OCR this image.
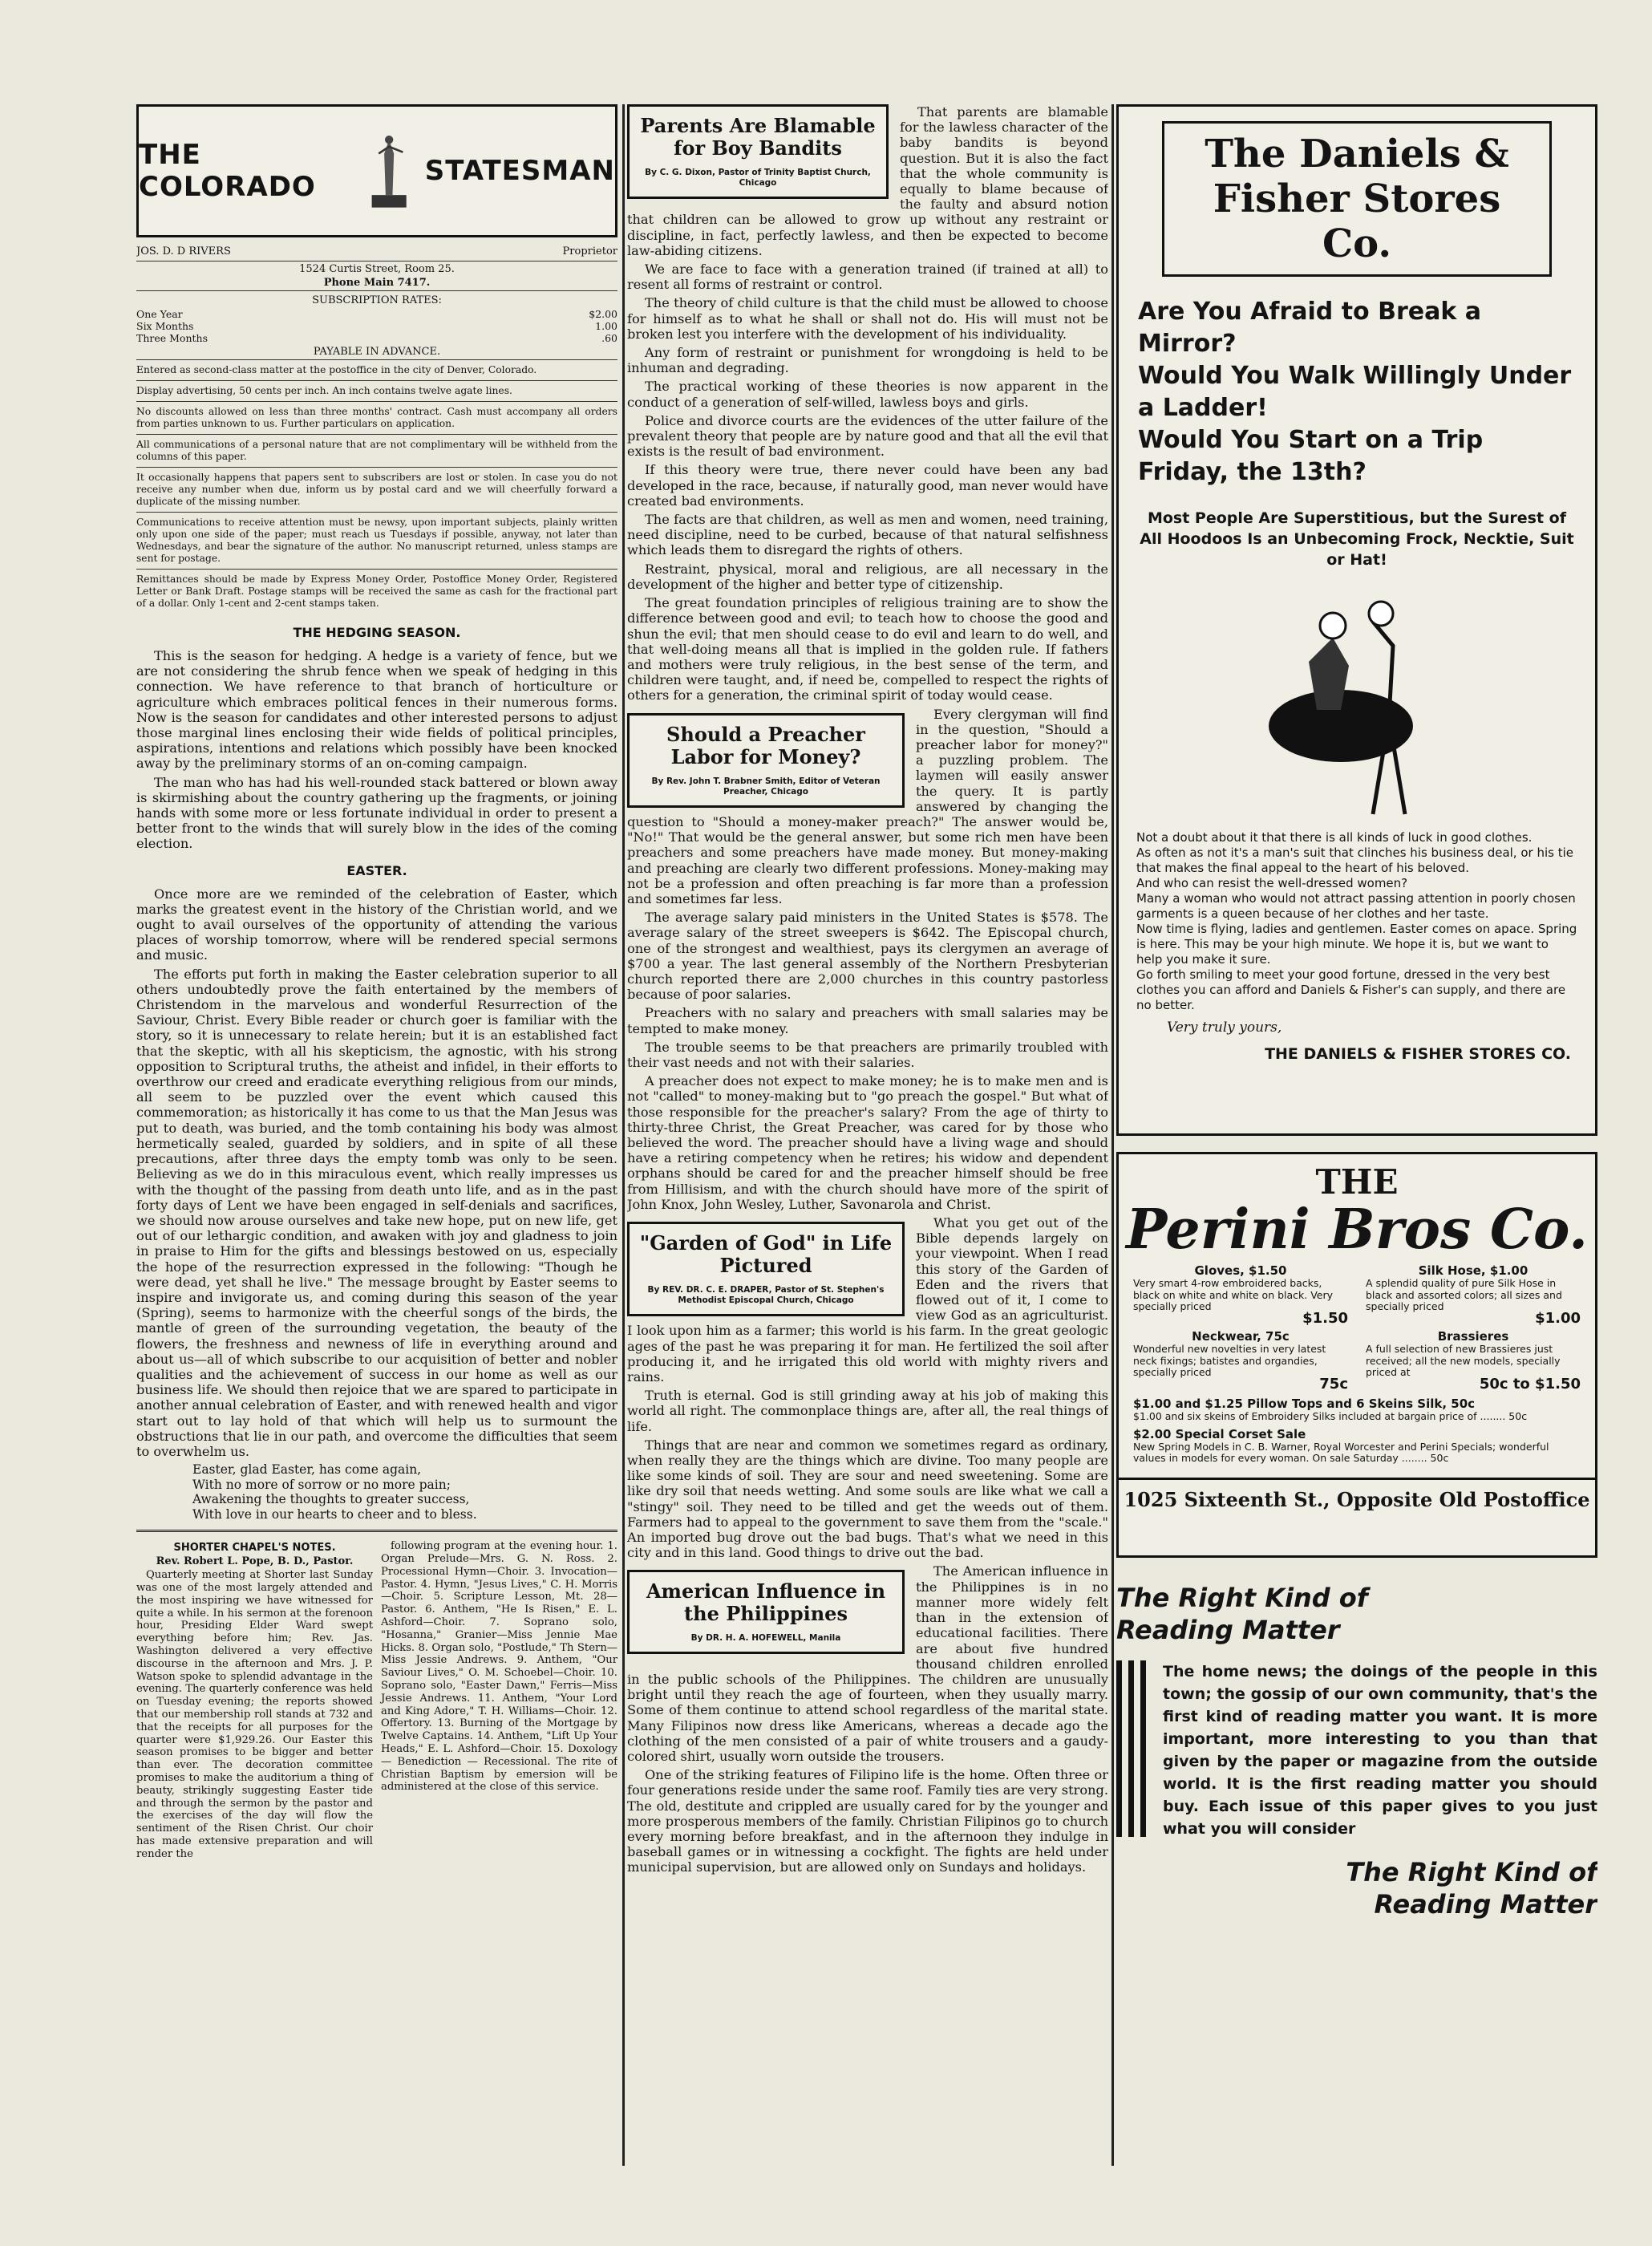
THE COLORADO	STATESMAN
JOS. D. D RIVERS	Proprietor
1524 Curtis Street, Room 25.
Phone Main 7417.
SUBSCRIPTION RATES:
One Year	$2.00
Six Months	1.00
Three Months	.60
PAYABLE IN ADVANCE.
Entered as second-class matter at the postoffice in the city of Denver, Colorado.
Display advertising, 50 cents per inch. An inch contains twelve agate lines.
No discounts allowed on less than three months' contract. Cash must accompany all orders from parties unknown to us. Further particulars on application.
All communications of a personal nature that are not complimentary will be withheld from the columns of this paper.
It occasionally happens that papers sent to subscribers are lost or stolen. In case you do not receive any number when due, inform us by postal card and we will cheerfully forward a duplicate of the missing number.
Communications to receive attention must be newsy, upon important subjects, plainly written only upon one side of the paper; must reach us Tuesdays if possible, anyway, not later than Wednesdays, and bear the signature of the author. No manuscript returned, unless stamps are sent for postage.
Remittances should be made by Express Money Order, Postoffice Money Order, Registered Letter or Bank Draft. Postage stamps will be received the same as cash for the fractional part of a dollar. Only 1-cent and 2-cent stamps taken.
THE HEDGING SEASON.

This is the season for hedging. A hedge is a variety of fence, but we are not considering the shrub fence when we speak of hedging in this connection. We have reference to that branch of horticulture or agriculture which embraces political fences in their numerous forms. Now is the season for candidates and other interested persons to adjust those marginal lines enclosing their wide fields of political principles, aspirations, intentions and relations which possibly have been knocked away by the preliminary storms of an on-coming campaign.

The man who has had his well-rounded stack battered or blown away is skirmishing about the country gathering up the fragments, or joining hands with some more or less fortunate individual in order to present a better front to the winds that will surely blow in the ides of the coming election.

EASTER.

Once more are we reminded of the celebration of Easter, which marks the greatest event in the history of the Christian world, and we ought to avail ourselves of the opportunity of attending the various places of worship tomorrow, where will be rendered special sermons and music.

The efforts put forth in making the Easter celebration superior to all others undoubtedly prove the faith entertained by the members of Christendom in the marvelous and wonderful Resurrection of the Saviour, Christ. Every Bible reader or church goer is familiar with the story, so it is unnecessary to relate herein; but it is an established fact that the skeptic, with all his skepticism, the agnostic, with his strong opposition to Scriptural truths, the atheist and infidel, in their efforts to overthrow our creed and eradicate everything religious from our minds, all seem to be puzzled over the event which caused this commemoration; as historically it has come to us that the Man Jesus was put to death, was buried, and the tomb containing his body was almost hermetically sealed, guarded by soldiers, and in spite of all these precautions, after three days the empty tomb was only to be seen. Believing as we do in this miraculous event, which really impresses us with the thought of the passing from death unto life, and as in the past forty days of Lent we have been engaged in self-denials and sacrifices, we should now arouse ourselves and take new hope, put on new life, get out of our lethargic condition, and awaken with joy and gladness to join in praise to Him for the gifts and blessings bestowed on us, especially the hope of the resurrection expressed in the following: "Though he were dead, yet shall he live." The message brought by Easter seems to inspire and invigorate us, and coming during this season of the year (Spring), seems to harmonize with the cheerful songs of the birds, the mantle of green of the surrounding vegetation, the beauty of the flowers, the freshness and newness of life in everything around and about us—all of which subscribe to our acquisition of better and nobler qualities and the achievement of success in our home as well as our business life. We should then rejoice that we are spared to participate in another annual celebration of Easter, and with renewed health and vigor start out to lay hold of that which will help us to surmount the obstructions that lie in our path, and overcome the difficulties that seem to overwhelm us.

Easter, glad Easter, has come again,
With no more of sorrow or no more pain;
Awakening the thoughts to greater success,
With love in our hearts to cheer and to bless.
SHORTER CHAPEL'S NOTES.
Rev. Robert L. Pope, B. D., Pastor.

Quarterly meeting at Shorter last Sunday was one of the most largely attended and the most inspiring we have witnessed for quite a while. In his sermon at the forenoon hour, Presiding Elder Ward swept everything before him; Rev. Jas. Washington delivered a very effective discourse in the afternoon and Mrs. J. P. Watson spoke to splendid advantage in the evening. The quarterly conference was held on Tuesday evening; the reports showed that our membership roll stands at 732 and that the receipts for all purposes for the quarter were $1,929.26. Our Easter this season promises to be bigger and better than ever. The decoration committee promises to make the auditorium a thing of beauty, strikingly suggesting Easter tide and through the sermon by the pastor and the exercises of the day will flow the sentiment of the Risen Christ. Our choir has made extensive preparation and will render the

following program at the evening hour. 1. Organ Prelude—Mrs. G. N. Ross. 2. Processional Hymn—Choir. 3. Invocation—Pastor. 4. Hymn, "Jesus Lives," C. H. Morris—Choir. 5. Scripture Lesson, Mt. 28—Pastor. 6. Anthem, "He Is Risen," E. L. Ashford—Choir. 7. Soprano solo, "Hosanna," Granier—Miss Jennie Mae Hicks. 8. Organ solo, "Postlude," Th Stern—Miss Jessie Andrews. 9. Anthem, "Our Saviour Lives," O. M. Schoebel—Choir. 10. Soprano solo, "Easter Dawn," Ferris—Miss Jessie Andrews. 11. Anthem, "Your Lord and King Adore," T. H. Williams—Choir. 12. Offertory. 13. Burning of the Mortgage by Twelve Captains. 14. Anthem, "Lift Up Your Heads," E. L. Ashford—Choir. 15. Doxology — Benediction — Recessional. The rite of Christian Baptism by emersion will be administered at the close of this service.

Parents Are Blamable for Boy Bandits
By C. G. Dixon, Pastor of Trinity Baptist Church, Chicago

That parents are blamable for the lawless character of the baby bandits is beyond question. But it is also the fact that the whole community is equally to blame because of the faulty and absurd notion that children can be allowed to grow up without any restraint or discipline, in fact, perfectly lawless, and then be expected to become law-abiding citizens.

We are face to face with a generation trained (if trained at all) to resent all forms of restraint or control.

The theory of child culture is that the child must be allowed to choose for himself as to what he shall or shall not do. His will must not be broken lest you interfere with the development of his individuality.

Any form of restraint or punishment for wrongdoing is held to be inhuman and degrading.

The practical working of these theories is now apparent in the conduct of a generation of self-willed, lawless boys and girls.

Police and divorce courts are the evidences of the utter failure of the prevalent theory that people are by nature good and that all the evil that exists is the result of bad environment.

If this theory were true, there never could have been any bad developed in the race, because, if naturally good, man never would have created bad environments.

The facts are that children, as well as men and women, need training, need discipline, need to be curbed, because of that natural selfishness which leads them to disregard the rights of others.

Restraint, physical, moral and religious, are all necessary in the development of the higher and better type of citizenship.

The great foundation principles of religious training are to show the difference between good and evil; to teach how to choose the good and shun the evil; that men should cease to do evil and learn to do well, and that well-doing means all that is implied in the golden rule. If fathers and mothers were truly religious, in the best sense of the term, and children were taught, and, if need be, compelled to respect the rights of others for a generation, the criminal spirit of today would cease.

Should a Preacher Labor for Money?
By Rev. John T. Brabner Smith, Editor of Veteran Preacher, Chicago

Every clergyman will find in the question, "Should a preacher labor for money?" a puzzling problem. The laymen will easily answer the query. It is partly answered by changing the question to "Should a money-maker preach?" The answer would be, "No!" That would be the general answer, but some rich men have been preachers and some preachers have made money. But money-making and preaching are clearly two different professions. Money-making may not be a profession and often preaching is far more than a profession and sometimes far less.

The average salary paid ministers in the United States is $578. The average salary of the street sweepers is $642. The Episcopal church, one of the strongest and wealthiest, pays its clergymen an average of $700 a year. The last general assembly of the Northern Presbyterian church reported there are 2,000 churches in this country pastorless because of poor salaries.

Preachers with no salary and preachers with small salaries may be tempted to make money.

The trouble seems to be that preachers are primarily troubled with their vast needs and not with their salaries.

A preacher does not expect to make money; he is to make men and is not "called" to money-making but to "go preach the gospel." But what of those responsible for the preacher's salary? From the age of thirty to thirty-three Christ, the Great Preacher, was cared for by those who believed the word. The preacher should have a living wage and should have a retiring competency when he retires; his widow and dependent orphans should be cared for and the preacher himself should be free from Hillisism, and with the church should have more of the spirit of John Knox, John Wesley, Luther, Savonarola and Christ.

"Garden of God" in Life Pictured
By REV. DR. C. E. DRAPER, Pastor of St. Stephen's Methodist Episcopal Church, Chicago

What you get out of the Bible depends largely on your viewpoint. When I read this story of the Garden of Eden and the rivers that flowed out of it, I come to view God as an agriculturist. I look upon him as a farmer; this world is his farm. In the great geologic ages of the past he was preparing it for man. He fertilized the soil after producing it, and he irrigated this old world with mighty rivers and rains.

Truth is eternal. God is still grinding away at his job of making this world all right. The commonplace things are, after all, the real things of life.

Things that are near and common we sometimes regard as ordinary, when really they are the things which are divine. Too many people are like some kinds of soil. They are sour and need sweetening. Some are like dry soil that needs wetting. And some souls are like what we call a "stingy" soil. They need to be tilled and get the weeds out of them. Farmers had to appeal to the government to save them from the "scale." An imported bug drove out the bad bugs. That's what we need in this city and in this land. Good things to drive out the bad.

American Influence in the Philippines
By DR. H. A. HOFEWELL, Manila

The American influence in the Philippines is in no manner more widely felt than in the extension of educational facilities. There are about five hundred thousand children enrolled in the public schools of the Philippines. The children are unusually bright until they reach the age of fourteen, when they usually marry. Some of them continue to attend school regardless of the marital state. Many Filipinos now dress like Americans, whereas a decade ago the clothing of the men consisted of a pair of white trousers and a gaudy-colored shirt, usually worn outside the trousers.

One of the striking features of Filipino life is the home. Often three or four generations reside under the same roof. Family ties are very strong. The old, destitute and crippled are usually cared for by the younger and more prosperous members of the family. Christian Filipinos go to church every morning before breakfast, and in the afternoon they indulge in baseball games or in witnessing a cockfight. The fights are held under municipal supervision, but are allowed only on Sundays and holidays.

The Daniels & Fisher Stores Co.
Are You Afraid to Break a Mirror?
Would You Walk Willingly Under a Ladder!
Would You Start on a Trip Friday, the 13th?
Most People Are Superstitious, but the Surest of All Hoodoos Is an Unbecoming Frock, Necktie, Suit or Hat!
Not a doubt about it that there is all kinds of luck in good clothes.
As often as not it's a man's suit that clinches his business deal, or his tie that makes the final appeal to the heart of his beloved.
And who can resist the well-dressed women?
Many a woman who would not attract passing attention in poorly chosen garments is a queen because of her clothes and her taste.
Now time is flying, ladies and gentlemen. Easter comes on apace. Spring is here. This may be your high minute. We hope it is, but we want to help you make it sure.
Go forth smiling to meet your good fortune, dressed in the very best clothes you can afford and Daniels & Fisher's can supply, and there are no better.
Very truly yours,
THE DANIELS & FISHER STORES CO.
THE
Perini Bros Co.
Gloves, $1.50
Very smart 4-row embroidered backs, black on white and white on black. Very specially priced
$1.50
Silk Hose, $1.00
A splendid quality of pure Silk Hose in black and assorted colors; all sizes and specially priced
$1.00
Neckwear, 75c
Wonderful new novelties in very latest neck fixings; batistes and organdies, specially priced
75c
Brassieres
A full selection of new Brassieres just received; all the new models, specially priced at
50c to $1.50
$1.00 and $1.25 Pillow Tops and 6 Skeins Silk, 50c
$1.00 and six skeins of Embroidery Silks included at bargain price of ........ 50c
$2.00 Special Corset Sale
New Spring Models in C. B. Warner, Royal Worcester and Perini Specials; wonderful values in models for every woman. On sale Saturday ........ 50c
1025 Sixteenth St., Opposite Old Postoffice
The Right Kind of
Reading Matter
The home news; the doings of the people in this town; the gossip of our own community, that's the first kind of reading matter you want. It is more important, more interesting to you than that given by the paper or magazine from the outside world. It is the first reading matter you should buy. Each issue of this paper gives to you just what you will consider
The Right Kind of
Reading Matter
